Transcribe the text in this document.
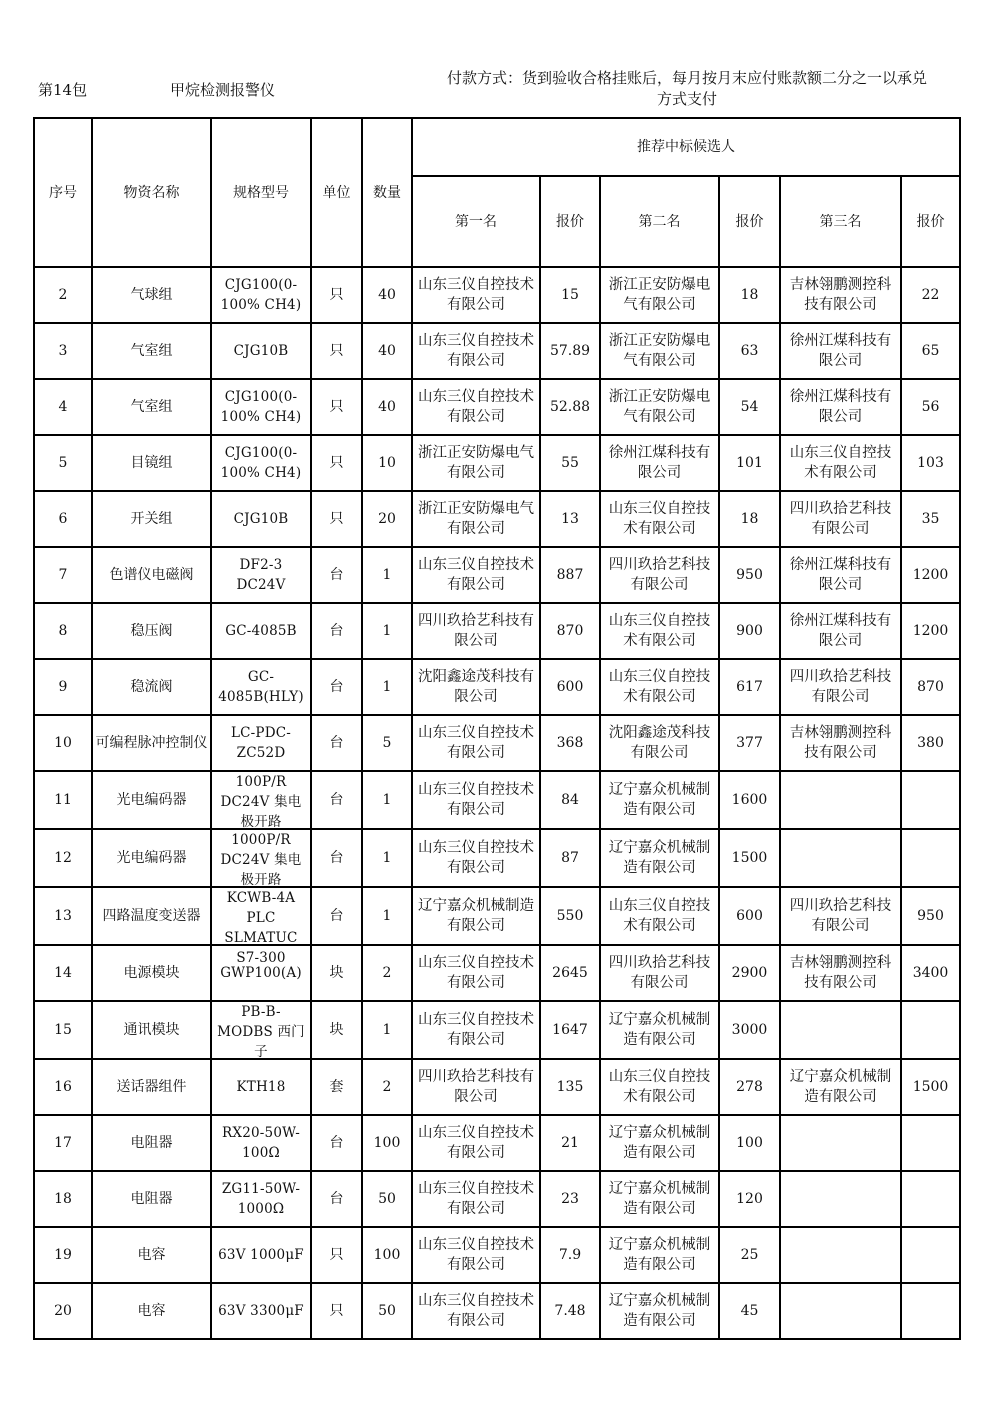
第14包	甲烷检测报警仪
付款方式：货到验收合格挂账后，每月按月末应付账款额二分之一以承兑
方式支付
序号	物资名称	规格型号	单位	数量	推荐中标候选人					
					第一名	报价	第二名	报价	第三名	报价

2	气球组	CJG100(0-100% CH4)	只	40	山东三仪自控技术有限公司	15	浙江正安防爆电气有限公司	18	吉林翎鹏测控科技有限公司	22

3	气室组	CJG10B	只	40	山东三仪自控技术有限公司	57.89	浙江正安防爆电气有限公司	63	徐州江煤科技有限公司	65

4	气室组	CJG100(0-100% CH4)	只	40	山东三仪自控技术有限公司	52.88	浙江正安防爆电气有限公司	54	徐州江煤科技有限公司	56

5	目镜组	CJG100(0-100% CH4)	只	10	浙江正安防爆电气有限公司	55	徐州江煤科技有限公司	101	山东三仪自控技术有限公司	103

6	开关组	CJG10B	只	20	浙江正安防爆电气有限公司	13	山东三仪自控技术有限公司	18	四川玖拾艺科技有限公司	35

7	色谱仪电磁阀	DF2-3 DC24V	台	1	山东三仪自控技术有限公司	887	四川玖拾艺科技有限公司	950	徐州江煤科技有限公司	1200

8	稳压阀	GC-4085B	台	1	四川玖拾艺科技有限公司	870	山东三仪自控技术有限公司	900	徐州江煤科技有限公司	1200

9	稳流阀	GC-4085B(HLY)	台	1	沈阳鑫途茂科技有限公司	600	山东三仪自控技术有限公司	617	四川玖拾艺科技有限公司	870

10	可编程脉冲控制仪	LC-PDC-ZC52D	台	5	山东三仪自控技术有限公司	368	沈阳鑫途茂科技有限公司	377	吉林翎鹏测控科技有限公司	380

11	光电编码器	100P/R DC24V 集电极开路	台	1	山东三仪自控技术有限公司	84	辽宁嘉众机械制造有限公司	1600		

12	光电编码器	1000P/R DC24V 集电极开路	台	1	山东三仪自控技术有限公司	87	辽宁嘉众机械制造有限公司	1500		

13	四路温度变送器	KCWB-4A PLC SLMATUC S7-300	台	1	辽宁嘉众机械制造有限公司	550	山东三仪自控技术有限公司	600	四川玖拾艺科技有限公司	950

14	电源模块	GWP100(A)	块	2	山东三仪自控技术有限公司	2645	四川玖拾艺科技有限公司	2900	吉林翎鹏测控科技有限公司	3400

15	通讯模块	PB-B-MODBS 西门子	块	1	山东三仪自控技术有限公司	1647	辽宁嘉众机械制造有限公司	3000		

16	送话器组件	KTH18	套	2	四川玖拾艺科技有限公司	135	山东三仪自控技术有限公司	278	辽宁嘉众机械制造有限公司	1500

17	电阻器	RX20-50W-100Ω	台	100	山东三仪自控技术有限公司	21	辽宁嘉众机械制造有限公司	100		

18	电阻器	ZG11-50W-1000Ω	台	50	山东三仪自控技术有限公司	23	辽宁嘉众机械制造有限公司	120		

19	电容	63V 1000μF	只	100	山东三仪自控技术有限公司	7.9	辽宁嘉众机械制造有限公司	25		

20	电容	63V 3300μF	只	50	山东三仪自控技术有限公司	7.48	辽宁嘉众机械制造有限公司	45		
